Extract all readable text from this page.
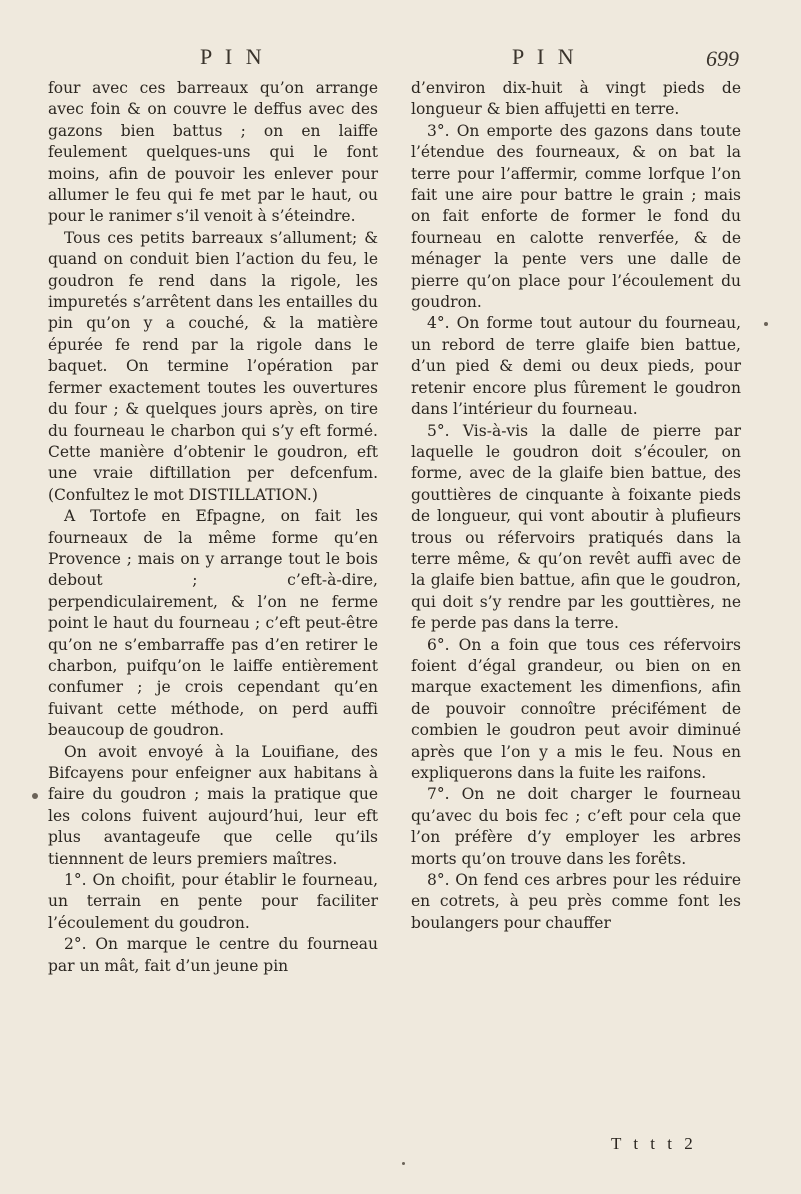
P I N	P I N	699

four avec ces barreaux qu’on arrange avec foin & on couvre le deffus avec des gazons bien battus ; on en laiffe feulement quelques-uns qui le font moins, afin de pouvoir les enlever pour allumer le feu qui fe met par le haut, ou pour le ranimer s’il venoit à s’éteindre.

Tous ces petits barreaux s’allument; & quand on conduit bien l’action du feu, le goudron fe rend dans la rigole, les impuretés s’arrêtent dans les entailles du pin qu’on y a couché, & la matière épurée fe rend par la rigole dans le baquet. On termine l’opération par fermer exactement toutes les ouvertures du four ; & quelques jours après, on tire du fourneau le charbon qui s’y eft formé. Cette manière d’obtenir le goudron, eft une vraie diftillation per defcenfum. (Confultez le mot DISTILLATION.)

A Tortofe en Efpagne, on fait les fourneaux de la même forme qu’en Provence ; mais on y arrange tout le bois debout ; c’eft-à-dire, perpendiculairement, & l’on ne ferme point le haut du fourneau ; c’eft peut-être qu’on ne s’embarraffe pas d’en retirer le charbon, puifqu’on le laiffe entièrement confumer ; je crois cependant qu’en fuivant cette méthode, on perd auffi beaucoup de goudron.

On avoit envoyé à la Louifiane, des Bifcayens pour enfeigner aux habitans à faire du goudron ; mais la pratique que les colons fuivent aujourd’hui, leur eft plus avantageufe que celle qu’ils tiennnent de leurs premiers maîtres.

1°. On choifit, pour établir le fourneau, un terrain en pente pour faciliter l’écoulement du goudron.

2°. On marque le centre du fourneau par un mât, fait d’un jeune pin

d’environ dix-huit à vingt pieds de longueur & bien affujetti en terre.

3°. On emporte des gazons dans toute l’étendue des fourneaux, & on bat la terre pour l’affermir, comme lorfque l’on fait une aire pour battre le grain ; mais on fait enforte de former le fond du fourneau en calotte renverfée, & de ménager la pente vers une dalle de pierre qu’on place pour l’écoulement du goudron.

4°. On forme tout autour du fourneau, un rebord de terre glaife bien battue, d’un pied & demi ou deux pieds, pour retenir encore plus fûrement le goudron dans l’intérieur du fourneau.

5°. Vis-à-vis la dalle de pierre par laquelle le goudron doit s’écouler, on forme, avec de la glaife bien battue, des gouttières de cinquante à foixante pieds de longueur, qui vont aboutir à plufieurs trous ou réfervoirs pratiqués dans la terre même, & qu’on revêt auffi avec de la glaife bien battue, afin que le goudron, qui doit s’y rendre par les gouttières, ne fe perde pas dans la terre.

6°. On a foin que tous ces réfervoirs foient d’égal grandeur, ou bien on en marque exactement les dimenfions, afin de pouvoir connoître précifément de combien le goudron peut avoir diminué après que l’on y a mis le feu. Nous en expliquerons dans la fuite les raifons.

7°. On ne doit charger le fourneau qu’avec du bois fec ; c’eft pour cela que l’on préfère d’y employer les arbres morts qu’on trouve dans les forêts.

8°. On fend ces arbres pour les réduire en cotrets, à peu près comme font les boulangers pour chauffer

T t t t 2
